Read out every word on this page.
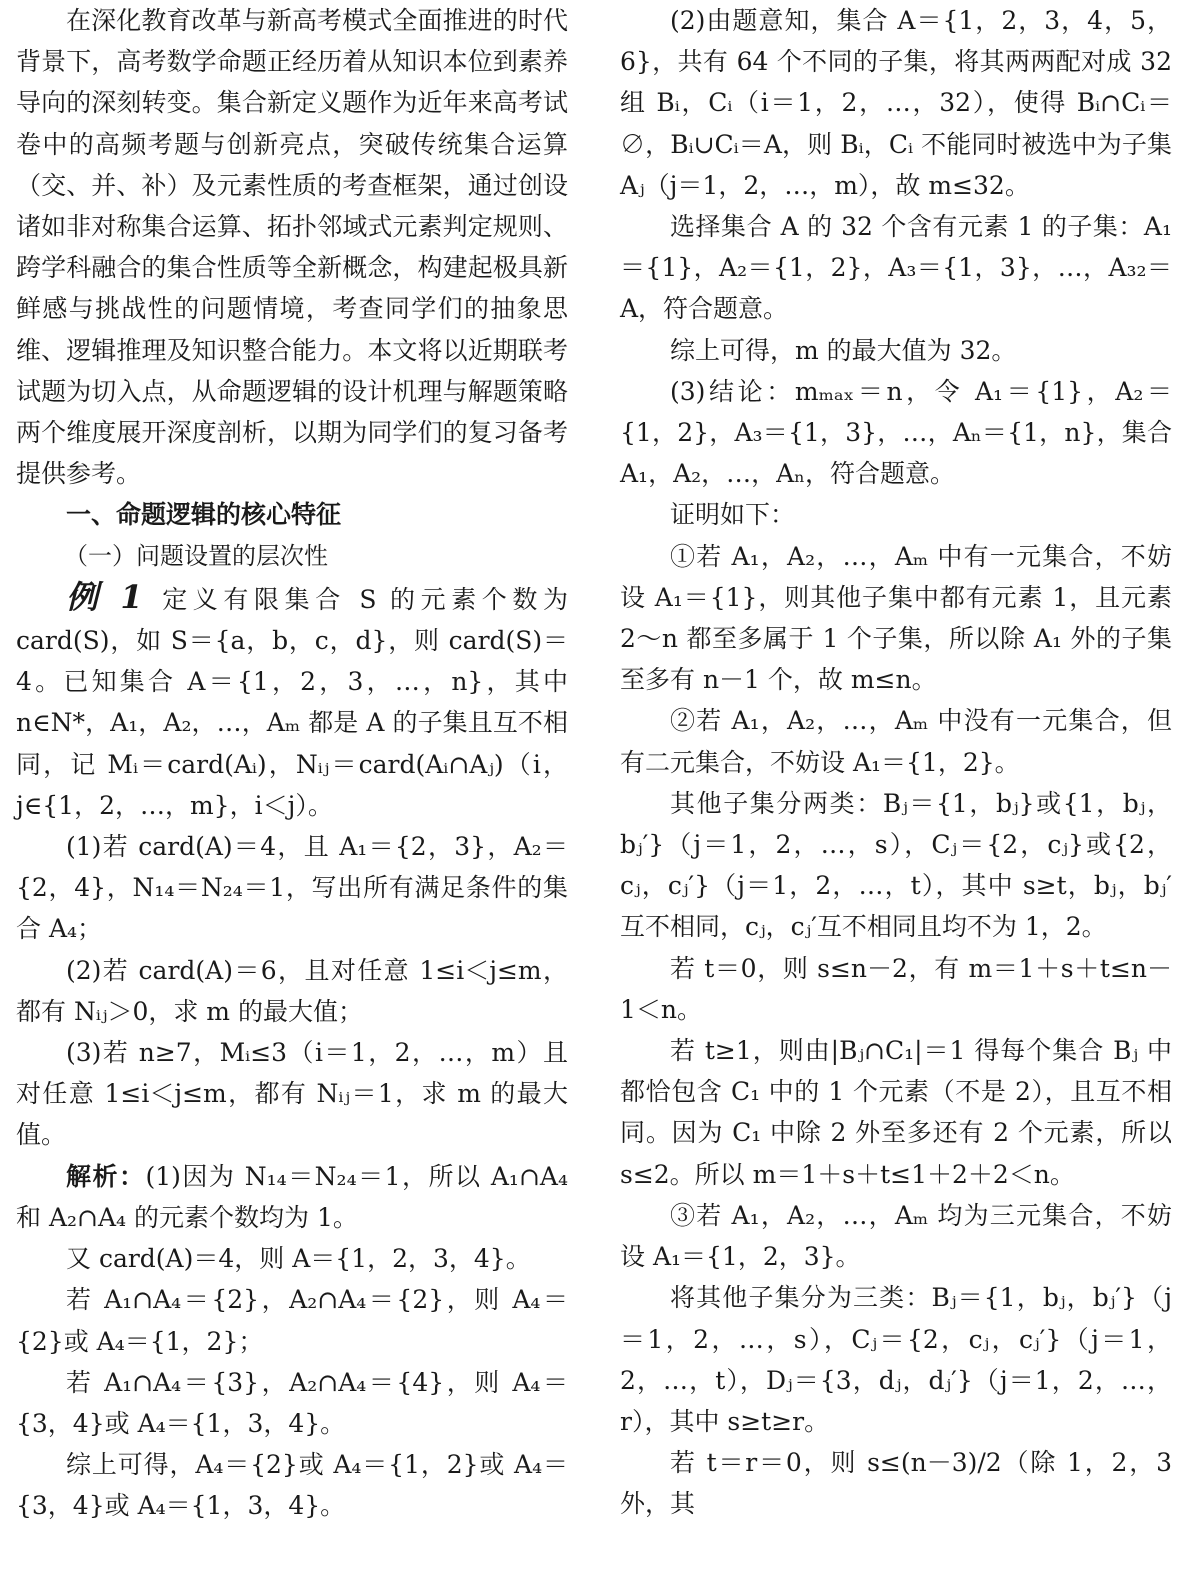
在深化教育改革与新高考模式全面推进的时代背景下，高考数学命题正经历着从知识本位到素养导向的深刻转变。集合新定义题作为近年来高考试卷中的高频考题与创新亮点，突破传统集合运算（交、并、补）及元素性质的考查框架，通过创设诸如非对称集合运算、拓扑邻域式元素判定规则、跨学科融合的集合性质等全新概念，构建起极具新鲜感与挑战性的问题情境，考查同学们的抽象思维、逻辑推理及知识整合能力。本文将以近期联考试题为切入点，从命题逻辑的设计机理与解题策略两个维度展开深度剖析，以期为同学们的复习备考提供参考。

一、命题逻辑的核心特征
（一）问题设置的层次性

例 1 定义有限集合 S 的元素个数为 card(S)，如 S＝{a，b，c，d}，则 card(S)＝4。已知集合 A＝{1，2，3，…，n}，其中 n∈N*，A₁，A₂，…，Aₘ 都是 A 的子集且互不相同，记 Mᵢ＝card(Aᵢ)，Nᵢⱼ＝card(Aᵢ∩Aⱼ)（i，j∈{1，2，…，m}，i＜j）。

(1)若 card(A)＝4，且 A₁＝{2，3}，A₂＝{2，4}，N₁₄＝N₂₄＝1，写出所有满足条件的集合 A₄；

(2)若 card(A)＝6，且对任意 1≤i＜j≤m，都有 Nᵢⱼ＞0，求 m 的最大值；

(3)若 n≥7，Mᵢ≤3（i＝1，2，…，m）且对任意 1≤i＜j≤m，都有 Nᵢⱼ＝1，求 m 的最大值。

解析：(1)因为 N₁₄＝N₂₄＝1，所以 A₁∩A₄ 和 A₂∩A₄ 的元素个数均为 1。

又 card(A)＝4，则 A＝{1，2，3，4}。

若 A₁∩A₄＝{2}，A₂∩A₄＝{2}，则 A₄＝{2}或 A₄＝{1，2}；

若 A₁∩A₄＝{3}，A₂∩A₄＝{4}，则 A₄＝{3，4}或 A₄＝{1，3，4}。

综上可得，A₄＝{2}或 A₄＝{1，2}或 A₄＝{3，4}或 A₄＝{1，3，4}。

(2)由题意知，集合 A＝{1，2，3，4，5，6}，共有 64 个不同的子集，将其两两配对成 32 组 Bᵢ，Cᵢ（i＝1，2，…，32），使得 Bᵢ∩Cᵢ＝∅，Bᵢ∪Cᵢ＝A，则 Bᵢ，Cᵢ 不能同时被选中为子集 Aⱼ（j＝1，2，…，m），故 m≤32。

选择集合 A 的 32 个含有元素 1 的子集：A₁＝{1}，A₂＝{1，2}，A₃＝{1，3}，…，A₃₂＝A，符合题意。

综上可得，m 的最大值为 32。

(3)结论：mₘₐₓ＝n，令 A₁＝{1}，A₂＝{1，2}，A₃＝{1，3}，…，Aₙ＝{1，n}，集合 A₁，A₂，…，Aₙ，符合题意。

证明如下：

①若 A₁，A₂，…，Aₘ 中有一元集合，不妨设 A₁＝{1}，则其他子集中都有元素 1，且元素 2～n 都至多属于 1 个子集，所以除 A₁ 外的子集至多有 n－1 个，故 m≤n。

②若 A₁，A₂，…，Aₘ 中没有一元集合，但有二元集合，不妨设 A₁＝{1，2}。

其他子集分两类：Bⱼ＝{1，bⱼ}或{1，bⱼ，bⱼ′}（j＝1，2，…，s），Cⱼ＝{2，cⱼ}或{2，cⱼ，cⱼ′}（j＝1，2，…，t），其中 s≥t，bⱼ，bⱼ′互不相同，cⱼ，cⱼ′互不相同且均不为 1，2。

若 t＝0，则 s≤n－2，有 m＝1＋s＋t≤n－1＜n。

若 t≥1，则由|Bⱼ∩C₁|＝1 得每个集合 Bⱼ 中都恰包含 C₁ 中的 1 个元素（不是 2），且互不相同。因为 C₁ 中除 2 外至多还有 2 个元素，所以 s≤2。所以 m＝1＋s＋t≤1＋2＋2＜n。

③若 A₁，A₂，…，Aₘ 均为三元集合，不妨设 A₁＝{1，2，3}。

将其他子集分为三类：Bⱼ＝{1，bⱼ，bⱼ′}（j＝1，2，…，s），Cⱼ＝{2，cⱼ，cⱼ′}（j＝1，2，…，t），Dⱼ＝{3，dⱼ，dⱼ′}（j＝1，2，…，r），其中 s≥t≥r。

若 t＝r＝0，则 s≤(n－3)/2（除 1，2，3 外，其
